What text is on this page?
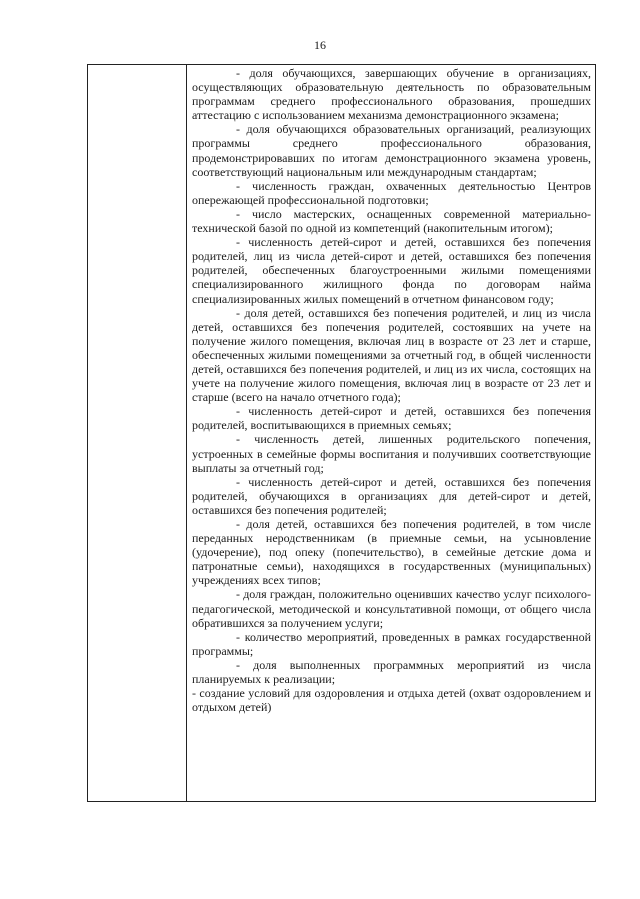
16

- доля обучающихся, завершающих обучение в организациях, осуществляющих образовательную деятельность по образовательным программам среднего профессионального образования, прошедших аттестацию с использованием механизма демонстрационного экзамена;

- доля обучающихся образовательных организаций, реализующих программы среднего профессионального образования, продемонстрировавших по итогам демонстрационного экзамена уровень, соответствующий национальным или международным стандартам;

- численность граждан, охваченных деятельностью Центров опережающей профессиональной подготовки;

- число мастерских, оснащенных современной материально-технической базой по одной из компетенций (накопительным итогом);

- численность детей-сирот и детей, оставшихся без попечения родителей, лиц из числа детей-сирот и детей, оставшихся без попечения родителей, обеспеченных благоустроенными жилыми помещениями специализированного жилищного фонда по договорам найма специализированных жилых помещений в отчетном финансовом году;

- доля детей, оставшихся без попечения родителей, и лиц из числа детей, оставшихся без попечения родителей, состоявших на учете на получение жилого помещения, включая лиц в возрасте от 23 лет и старше, обеспеченных жилыми помещениями за отчетный год, в общей численности детей, оставшихся без попечения родителей, и лиц из их числа, состоящих на учете на получение жилого помещения, включая лиц в возрасте от 23 лет и старше (всего на начало отчетного года);

- численность детей-сирот и детей, оставшихся без попечения родителей, воспитывающихся в приемных семьях;

- численность детей, лишенных родительского попечения, устроенных в семейные формы воспитания и получивших соответствующие выплаты за отчетный год;

- численность детей-сирот и детей, оставшихся без попечения родителей, обучающихся в организациях для детей-сирот и детей, оставшихся без попечения родителей;

- доля детей, оставшихся без попечения родителей, в том числе переданных неродственникам (в приемные семьи, на усыновление (удочерение), под опеку (попечительство), в семейные детские дома и патронатные семьи), находящихся в государственных (муниципальных) учреждениях всех типов;

- доля граждан, положительно оценивших качество услуг психолого-педагогической, методической и консультативной помощи, от общего числа обратившихся за получением услуги;

- количество мероприятий, проведенных в рамках государственной программы;

- доля выполненных программных мероприятий из числа планируемых к реализации;

- создание условий для оздоровления и отдыха детей (охват оздоровлением и отдыхом детей)
